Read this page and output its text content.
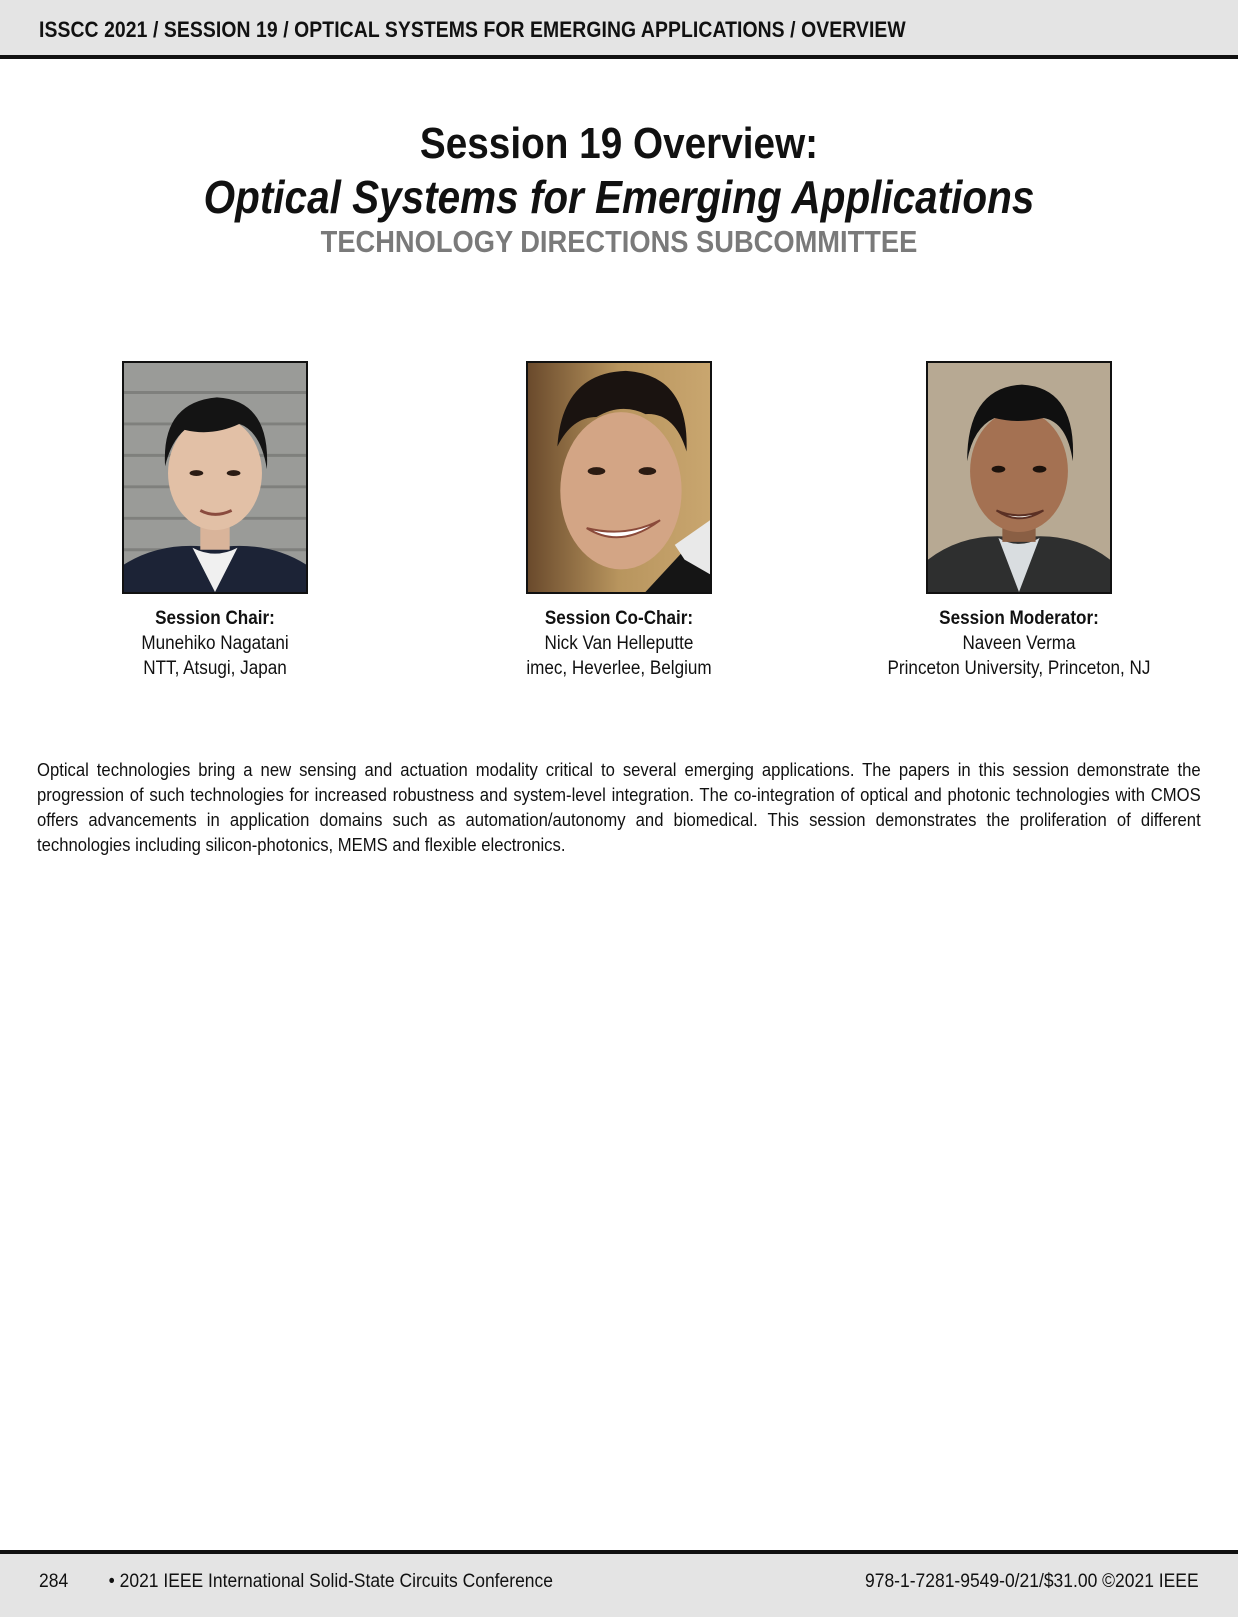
ISSCC 2021 / SESSION 19 / OPTICAL SYSTEMS FOR EMERGING APPLICATIONS / OVERVIEW
Session 19 Overview:
Optical Systems for Emerging Applications
TECHNOLOGY DIRECTIONS SUBCOMMITTEE
Session Chair:
Munehiko Nagatani
NTT, Atsugi, Japan
Session Co-Chair:
Nick Van Helleputte
imec, Heverlee, Belgium
Session Moderator:
Naveen Verma
Princeton University, Princeton, NJ
Optical technologies bring a new sensing and actuation modality critical to several emerging applications. The papers in this session demonstrate the progression of such technologies for increased robustness and system-level integration. The co-integration of optical and photonic technologies with CMOS offers advancements in application domains such as automation/autonomy and biomedical. This session demonstrates the proliferation of different technologies including silicon-photonics, MEMS and flexible electronics.
284 • 2021 IEEE International Solid-State Circuits Conference	978-1-7281-9549-0/21/$31.00 ©2021 IEEE
